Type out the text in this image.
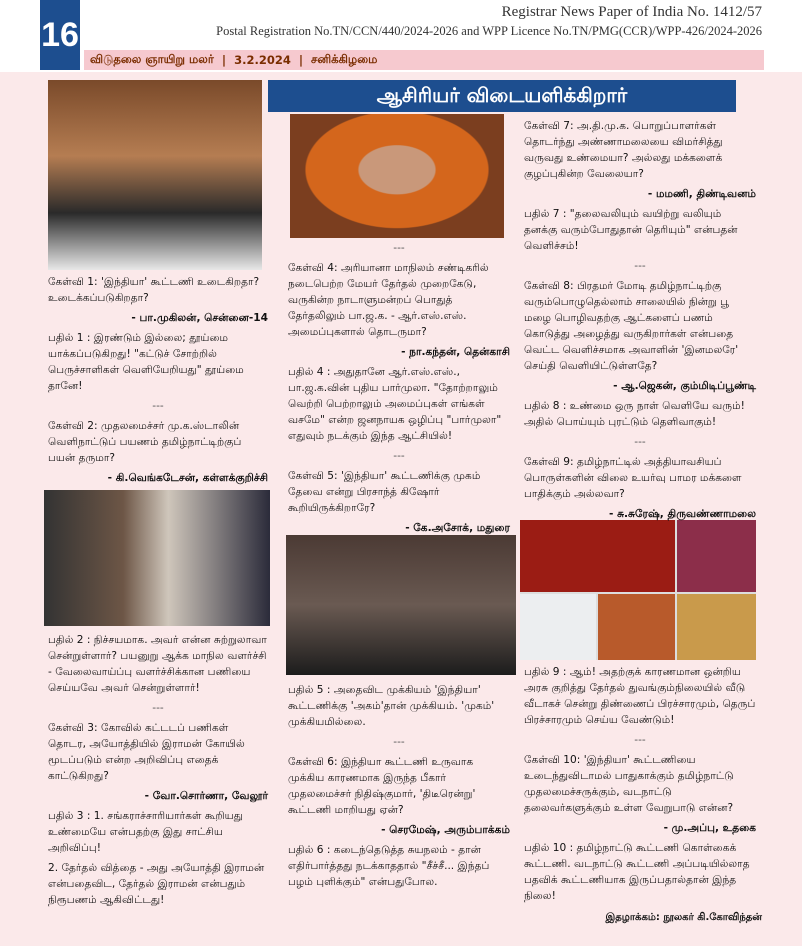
16
Registrar News Paper of India No. 1412/57
Postal Registration No.TN/CCN/440/2024-2026 and WPP Licence No.TN/PMG(CCR)/WPP-426/2024-2026
விடுதலை ஞாயிறு மலர் | 3.2.2024 | சனிக்கிழமை
ஆசிரியர் விடையளிக்கிறார்

கேள்வி 1: 'இந்தியா' கூட்டணி உடைகிறதா? உடைக்கப்படுகிறதா?

- பா.முகிலன், சென்னை-14

பதில் 1 : இரண்டும் இல்லை; தூய்மை யாக்கப்படுகிறது! "கட்டுச் சோற்றில் பெருச்சாளிகள் வெளியேறியது" தூய்மை தானே!

---

கேள்வி 2: முதலமைச்சர் மு.க.ஸ்டாலின் வெளிநாட்டுப் பயணம் தமிழ்நாட்டிற்குப் பயன் தருமா?

- கி.வெங்கடேசன், கள்ளக்குறிச்சி

பதில் 2 : நிச்சயமாக. அவர் என்ன சுற்றுலாவா சென்றுள்ளார்? பயனுறு ஆக்க மாநில வளர்ச்சி - வேலைவாய்ப்பு வளர்ச்சிக்கான பணியை செய்யவே அவர் சென்றுள்ளார்!

---

கேள்வி 3: கோவில் கட்டடப் பணிகள் தொடர, அயோத்தியில் இராமன் கோயில் மூடப்படும் என்ற அறிவிப்பு எதைக் காட்டுகிறது?

- வோ.சொர்ணா, வேலூர்

பதில் 3 : 1. சங்கராச்சாரியார்கள் கூறியது உண்மையே என்பதற்கு இது சாட்சிய அறிவிப்பு!

2. தேர்தல் வித்தை - அது அயோத்தி இராமன் என்பதைவிட, தேர்தல் இராமன் என்பதும் நிரூபணம் ஆகிவிட்டது!

---

கேள்வி 4: அரியானா மாநிலம் சண்டிகரில் நடைபெற்ற மேயர் தேர்தல் முறைகேடு, வருகின்ற நாடாளுமன்றப் பொதுத் தேர்தலிலும் பா.ஜ.க. - ஆர்.எஸ்.எஸ். அமைப்புகளால் தொடருமா?

- நா.கந்தன், தென்காசி

பதில் 4 : அதுதானே ஆர்.எஸ்.எஸ்., பா.ஜ.க.வின் புதிய பார்முலா. "தோற்றாலும் வெற்றி பெற்றாலும் அமைப்புகள் எங்கள் வசமே" என்ற ஜனநாயக ஒழிப்பு "பார்முலா" எதுவும் நடக்கும் இந்த ஆட்சியில்!

---

கேள்வி 5: 'இந்தியா' கூட்டணிக்கு முகம் தேவை என்று பிரசாந்த் கிஷோர் கூறியிருக்கிறாரே?

- கே.அசோக், மதுரை

பதில் 5 : அதைவிட முக்கியம் 'இந்தியா' கூட்டணிக்கு 'அகம்'தான் முக்கியம். 'முகம்' முக்கியமில்லை.

---

கேள்வி 6: இந்தியா கூட்டணி உருவாக முக்கிய காரணமாக இருந்த பீகார் முதலமைச்சர் நிதிஷ்குமார், 'திடீரென்று' கூட்டணி மாறியது ஏன்?

- செரமேஷ், அரும்பாக்கம்

பதில் 6 : கடைந்தெடுத்த சுயநலம் - தான் எதிர்பார்த்தது நடக்காததால் "சீச்சீ... இந்தப் பழம் புளிக்கும்" என்பதுபோல.

கேள்வி 7: அ.தி.மு.க. பொறுப்பாளர்கள் தொடர்ந்து அண்ணாமலையை விமர்சித்து வருவது உண்மையா? அல்லது மக்களைக் குழப்புகின்ற வேலையா?

- மமணி, திண்டிவனம்

பதில் 7 : "தலைவலியும் வயிற்று வலியும் தனக்கு வரும்போதுதான் தெரியும்" என்பதன் வெளிச்சம்!

---

கேள்வி 8: பிரதமர் மோடி தமிழ்நாட்டிற்கு வரும்பொழுதெல்லாம் சாலையில் நின்று பூ மழை பொழிவதற்கு ஆட்களைப் பணம் கொடுத்து அழைத்து வருகிறார்கள் என்பதை வெட்ட வெளிச்சமாக அவாளின் 'இனமலரே' செய்தி வெளியிட்டுள்ளதே?

- ஆ.ஜெகன், கும்மிடிப்பூண்டி

பதில் 8 : உண்மை ஒரு நாள் வெளியே வரும்! அதில் பொய்யும் புரட்டும் தெளிவாகும்!

---

கேள்வி 9: தமிழ்நாட்டில் அத்தியாவசியப் பொருள்களின் விலை உயர்வு பாமர மக்களை பாதிக்கும் அல்லவா?

- சு.சுரேஷ், திருவண்ணாமலை

பதில் 9 : ஆம்! அதற்குக் காரணமான ஒன்றிய அரசு குறித்து தேர்தல் துவங்கும்நிலையில் வீடு வீடாகச் சென்று திண்ணைப் பிரச்சாரமும், தெருப் பிரச்சாரமும் செய்ய வேண்டும்!

---

கேள்வி 10: 'இந்தியா' கூட்டணியை உடைந்துவிடாமல் பாதுகாக்கும் தமிழ்நாட்டு முதலமைச்சருக்கும், வடநாட்டு தலைவர்களுக்கும் உள்ள வேறுபாடு என்ன?

- மு.அப்பு, உதகை

பதில் 10 : தமிழ்நாட்டு கூட்டணி கொள்கைக் கூட்டணி. வடநாட்டு கூட்டணி அப்படியில்லாத பதவிக் கூட்டணியாக இருப்பதால்தான் இந்த நிலை!

இதழாக்கம்: நூலகர் கி.கோவிந்தன்
